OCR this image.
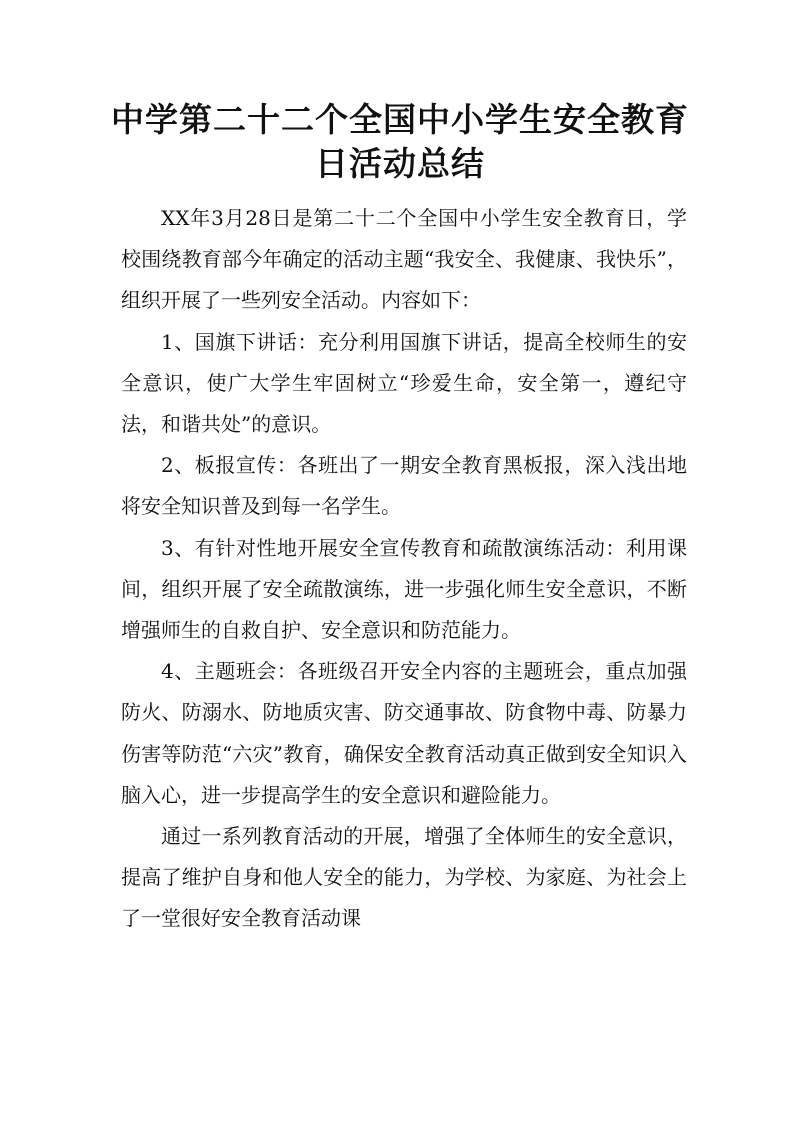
中学第二十二个全国中小学生安全教育
日活动总结

XX年3月28日是第二十二个全国中小学生安全教育日，学校围绕教育部今年确定的活动主题“我安全、我健康、我快乐”，组织开展了一些列安全活动。内容如下：

1、国旗下讲话：充分利用国旗下讲话，提高全校师生的安全意识，使广大学生牢固树立“珍爱生命，安全第一，遵纪守法，和谐共处”的意识。

2、板报宣传：各班出了一期安全教育黑板报，深入浅出地将安全知识普及到每一名学生。

3、有针对性地开展安全宣传教育和疏散演练活动：利用课间，组织开展了安全疏散演练，进一步强化师生安全意识，不断增强师生的自救自护、安全意识和防范能力。

4、主题班会：各班级召开安全内容的主题班会，重点加强防火、防溺水、防地质灾害、防交通事故、防食物中毒、防暴力伤害等防范“六灾”教育，确保安全教育活动真正做到安全知识入脑入心，进一步提高学生的安全意识和避险能力。

通过一系列教育活动的开展，增强了全体师生的安全意识，提高了维护自身和他人安全的能力，为学校、为家庭、为社会上了一堂很好安全教育活动课
